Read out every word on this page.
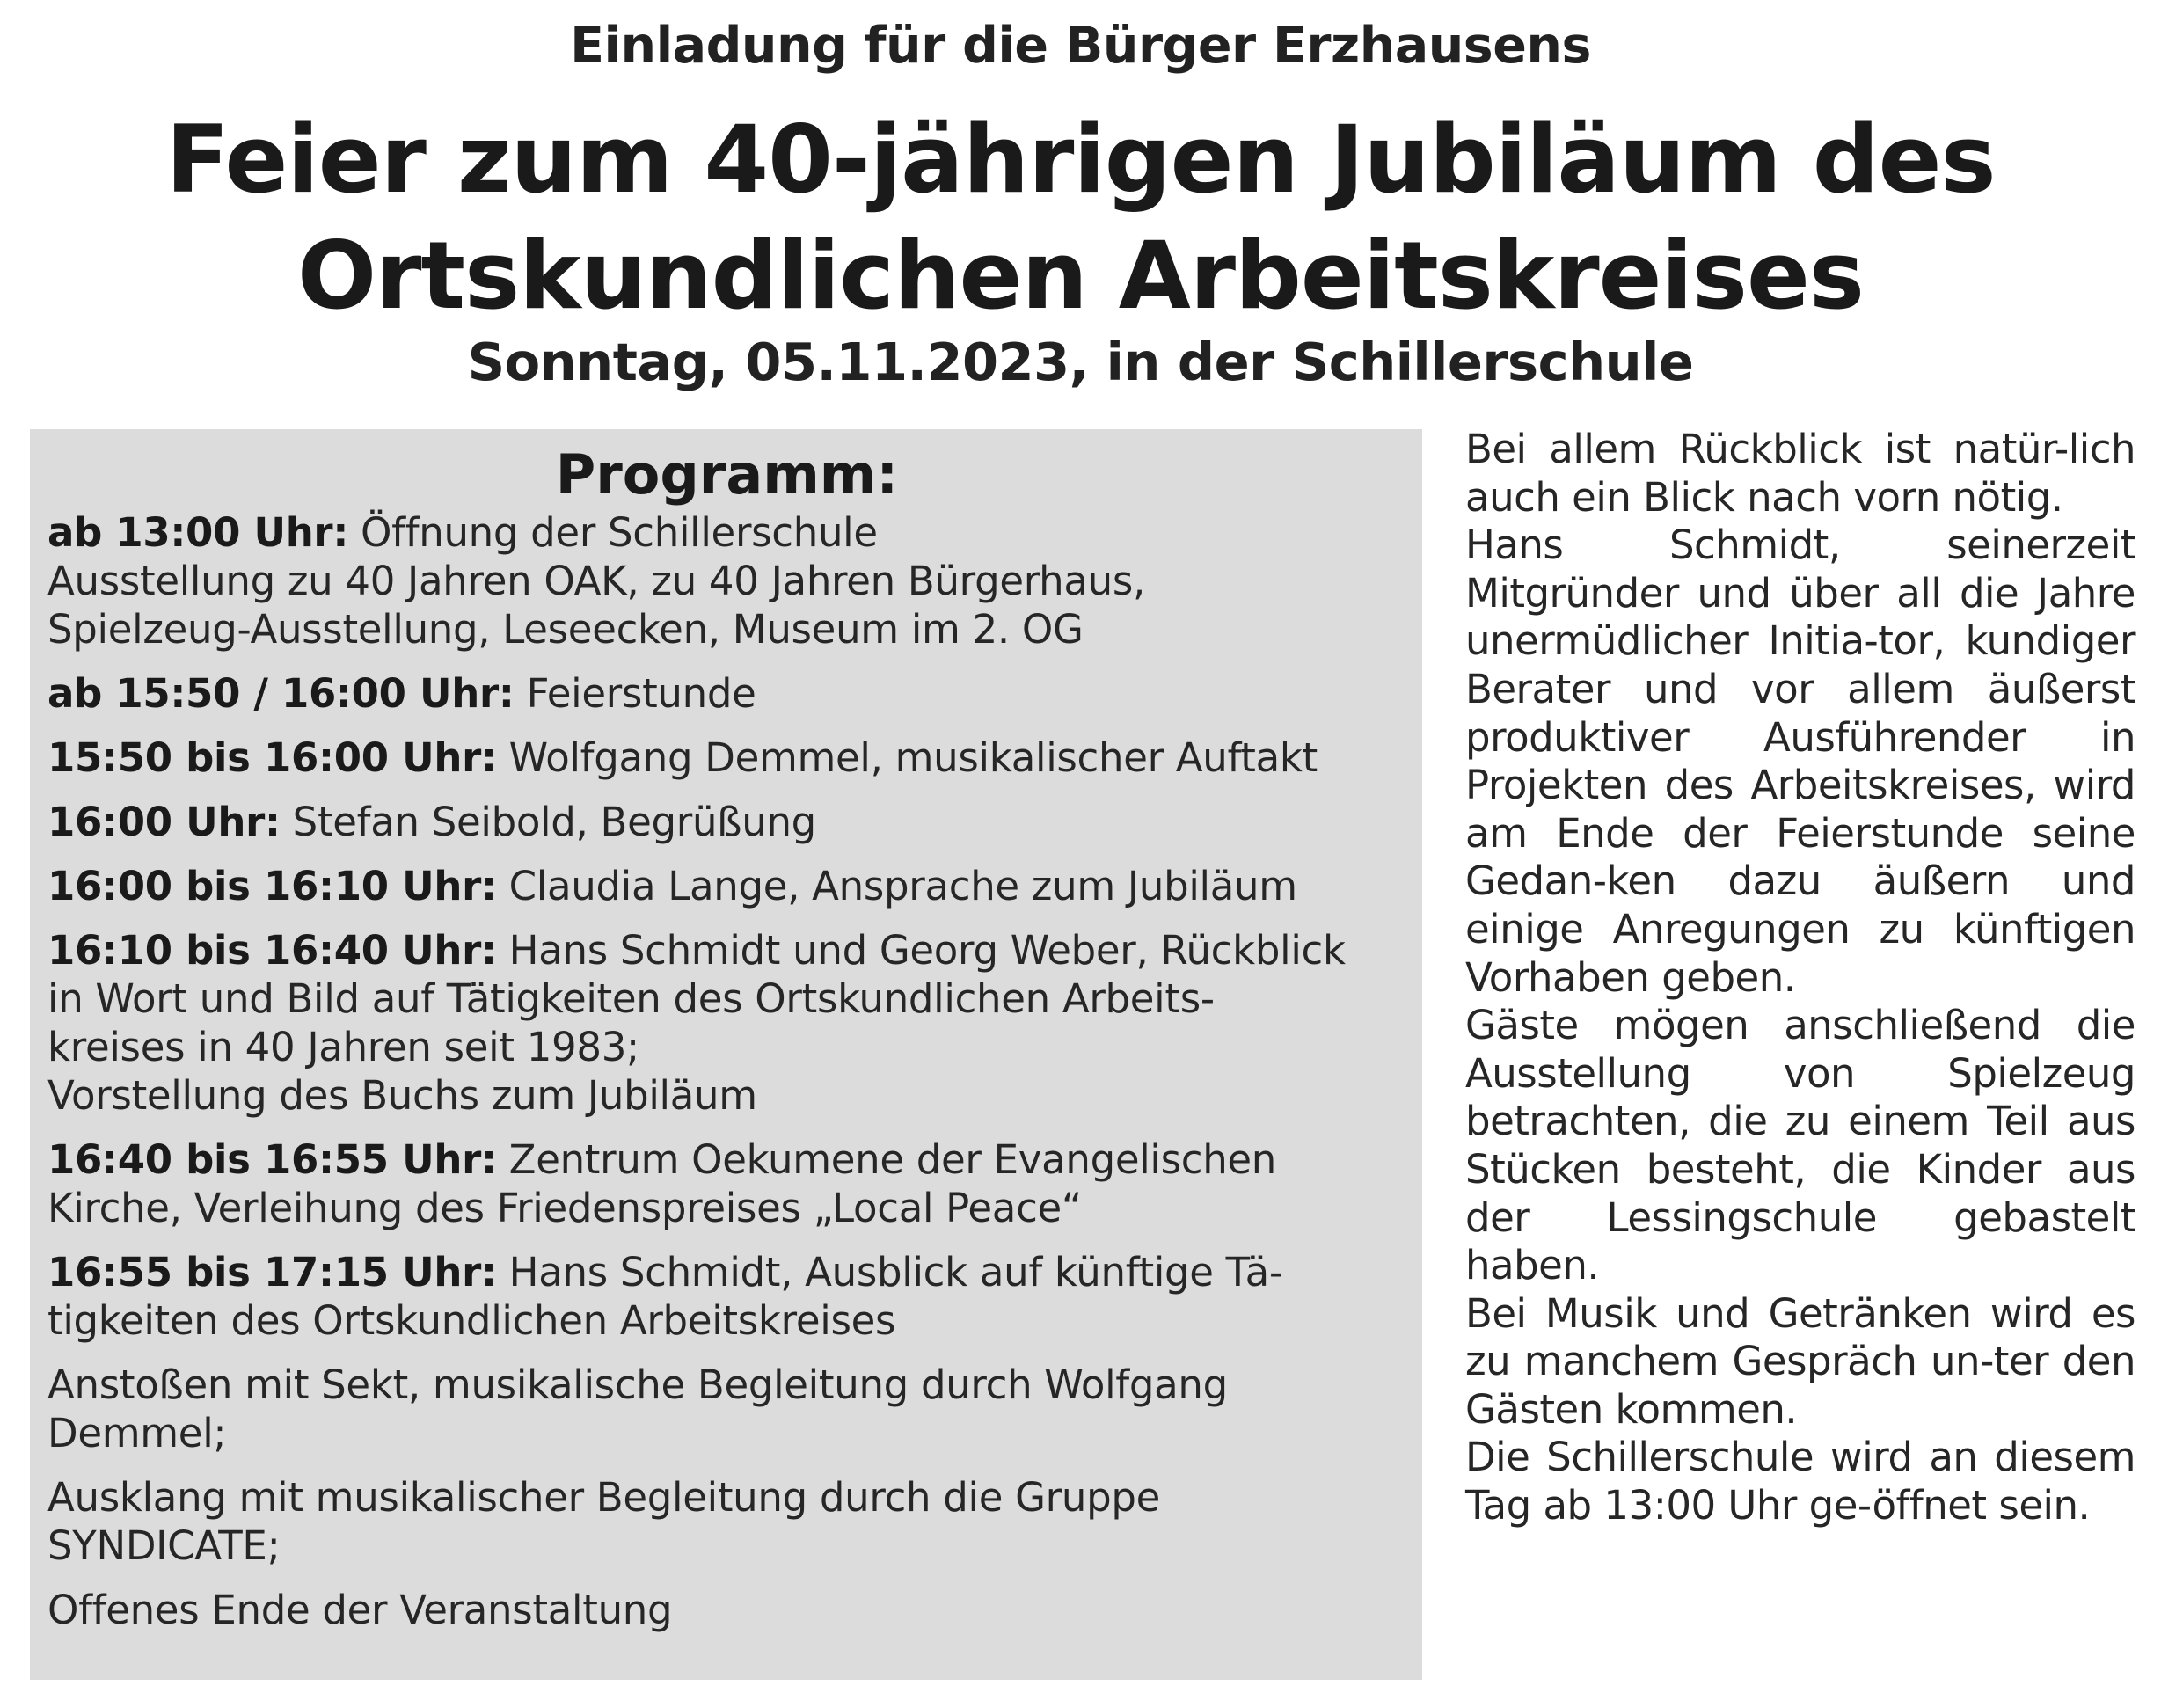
Einladung für die Bürger Erzhausens
Feier zum 40-jährigen Jubiläum des
Ortskundlichen Arbeitskreises
Sonntag, 05.11.2023, in der Schillerschule
Programm:
ab 13:00 Uhr: Öffnung der Schillerschule
Ausstellung zu 40 Jahren OAK, zu 40 Jahren Bürgerhaus,
Spielzeug-Ausstellung, Leseecken, Museum im 2. OG
ab 15:50 / 16:00 Uhr: Feierstunde
15:50 bis 16:00 Uhr: Wolfgang Demmel, musikalischer Auftakt
16:00 Uhr: Stefan Seibold, Begrüßung
16:00 bis 16:10 Uhr: Claudia Lange, Ansprache zum Jubiläum
16:10 bis 16:40 Uhr: Hans Schmidt und Georg Weber, Rückblick
in Wort und Bild auf Tätigkeiten des Ortskundlichen Arbeits-
kreises in 40 Jahren seit 1983;
Vorstellung des Buchs zum Jubiläum
16:40 bis 16:55 Uhr: Zentrum Oekumene der Evangelischen
Kirche, Verleihung des Friedenspreises „Local Peace“
16:55 bis 17:15 Uhr: Hans Schmidt, Ausblick auf künftige Tä-
tigkeiten des Ortskundlichen Arbeitskreises
Anstoßen mit Sekt, musikalische Begleitung durch Wolfgang
Demmel;
Ausklang mit musikalischer Begleitung durch die Gruppe
SYNDICATE;
Offenes Ende der Veranstaltung

Bei allem Rückblick ist natür-lich auch ein Blick nach vorn nötig.

Hans Schmidt, seinerzeit Mitgründer und über all die Jahre unermüdlicher Initia-tor, kundiger Berater und vor allem äußerst produktiver Ausführender in Projekten des Arbeitskreises, wird am Ende der Feierstunde seine Gedan-ken dazu äußern und einige Anregungen zu künftigen Vorhaben geben.

Gäste mögen anschließend die Ausstellung von Spielzeug betrachten, die zu einem Teil aus Stücken besteht, die Kinder aus der Lessingschule gebastelt haben.

Bei Musik und Getränken wird es zu manchem Gespräch un-ter den Gästen kommen.

Die Schillerschule wird an diesem Tag ab 13:00 Uhr ge-öffnet sein.
